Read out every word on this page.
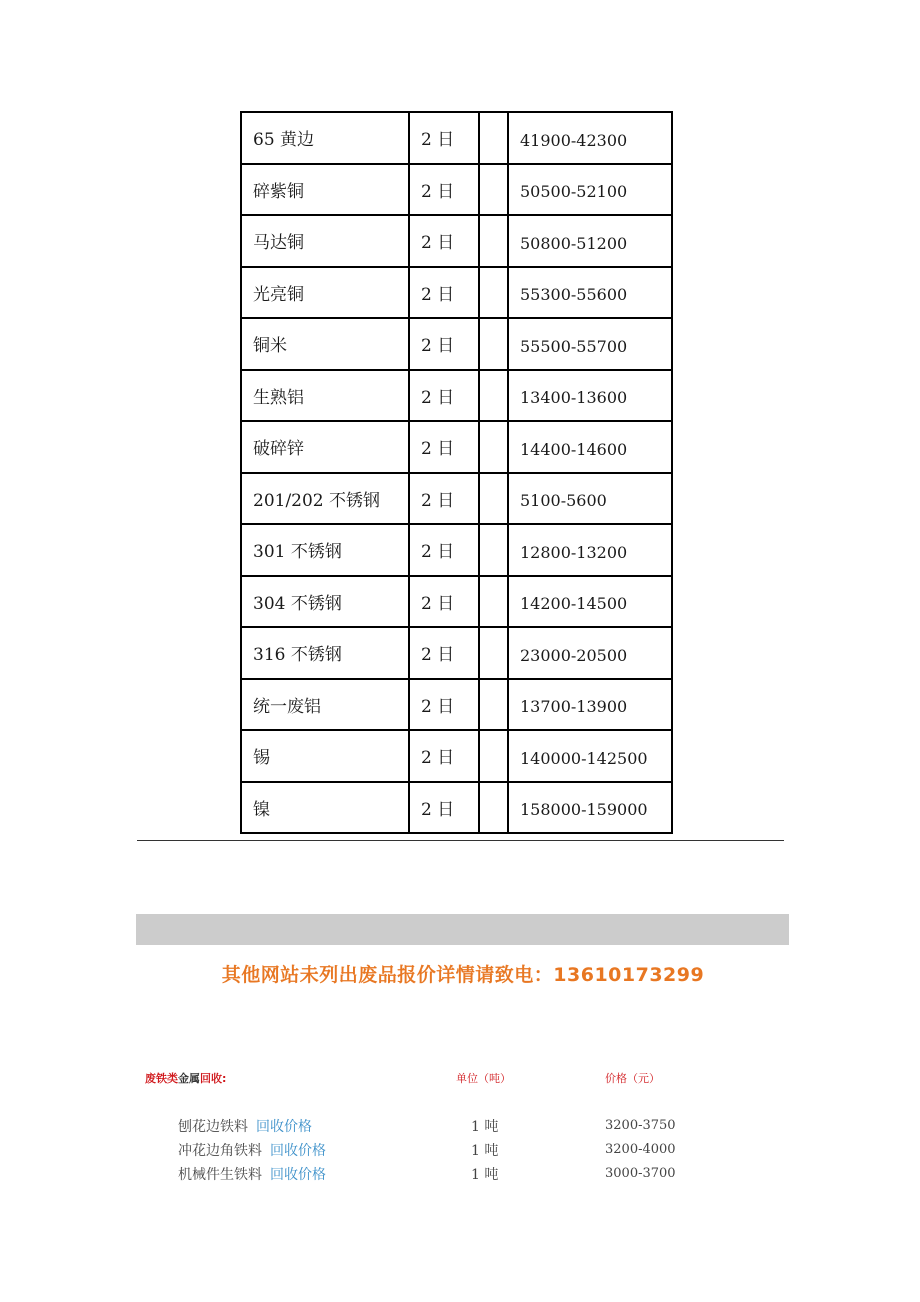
65 黄边	2 日		41900-42300
碎紫铜	2 日		50500-52100
马达铜	2 日		50800-51200
光亮铜	2 日		55300-55600
铜米	2 日		55500-55700
生熟铝	2 日		13400-13600
破碎锌	2 日		14400-14600
201/202 不锈钢	2 日		5100-5600
301 不锈钢	2 日		12800-13200
304 不锈钢	2 日		14200-14500
316 不锈钢	2 日		23000-20500
统一废铝	2 日		13700-13900
锡	2 日		140000-142500
镍	2 日		158000-159000
其他网站未列出废品报价详情请致电：13610173299
废铁类金属回收:	单位（吨）	价格（元）
刨花边铁料 回收价格	1 吨	3200-3750
冲花边角铁料 回收价格	1 吨	3200-4000
机械件生铁料 回收价格	1 吨	3000-3700
